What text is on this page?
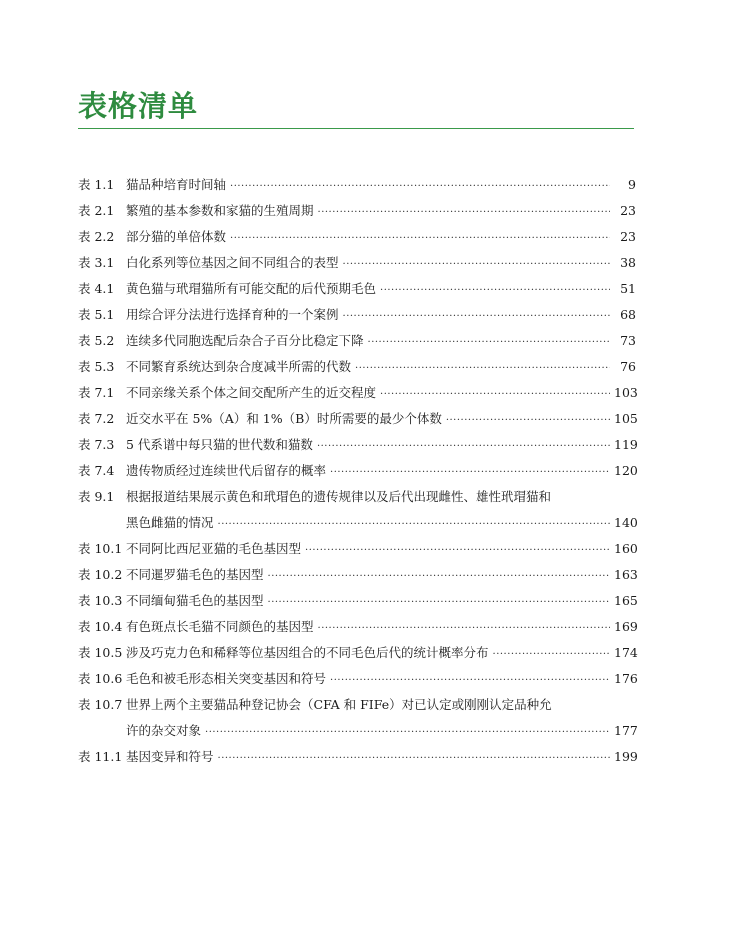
表格清单
表 1.1 猫品种培育时间轴 ·····	9
表 2.1 繁殖的基本参数和家猫的生殖周期 ·····	23
表 2.2 部分猫的单倍体数 ·····	23
表 3.1 白化系列等位基因之间不同组合的表型 ·····	38
表 4.1 黄色猫与玳瑁猫所有可能交配的后代预期毛色 ·····	51
表 5.1 用综合评分法进行选择育种的一个案例 ·····	68
表 5.2 连续多代同胞选配后杂合子百分比稳定下降 ·····	73
表 5.3 不同繁育系统达到杂合度减半所需的代数 ·····	76
表 7.1 不同亲缘关系个体之间交配所产生的近交程度 ·····	103
表 7.2 近交水平在 5%（A）和 1%（B）时所需要的最少个体数 ·····	105
表 7.3 5 代系谱中每只猫的世代数和猫数 ·····	119
表 7.4 遗传物质经过连续世代后留存的概率 ·····	120
表 9.1 根据报道结果展示黄色和玳瑁色的遗传规律以及后代出现雌性、雄性玳瑁猫和
黑色雌猫的情况 ·····	140
表 10.1 不同阿比西尼亚猫的毛色基因型 ·····	160
表 10.2 不同暹罗猫毛色的基因型 ·····	163
表 10.3 不同缅甸猫毛色的基因型 ·····	165
表 10.4 有色斑点长毛猫不同颜色的基因型 ·····	169
表 10.5 涉及巧克力色和稀释等位基因组合的不同毛色后代的统计概率分布 ·····	174
表 10.6 毛色和被毛形态相关突变基因和符号 ·····	176
表 10.7 世界上两个主要猫品种登记协会（CFA 和 FIFe）对已认定或刚刚认定品种允
许的杂交对象 ·····	177
表 11.1 基因变异和符号 ·····	199
